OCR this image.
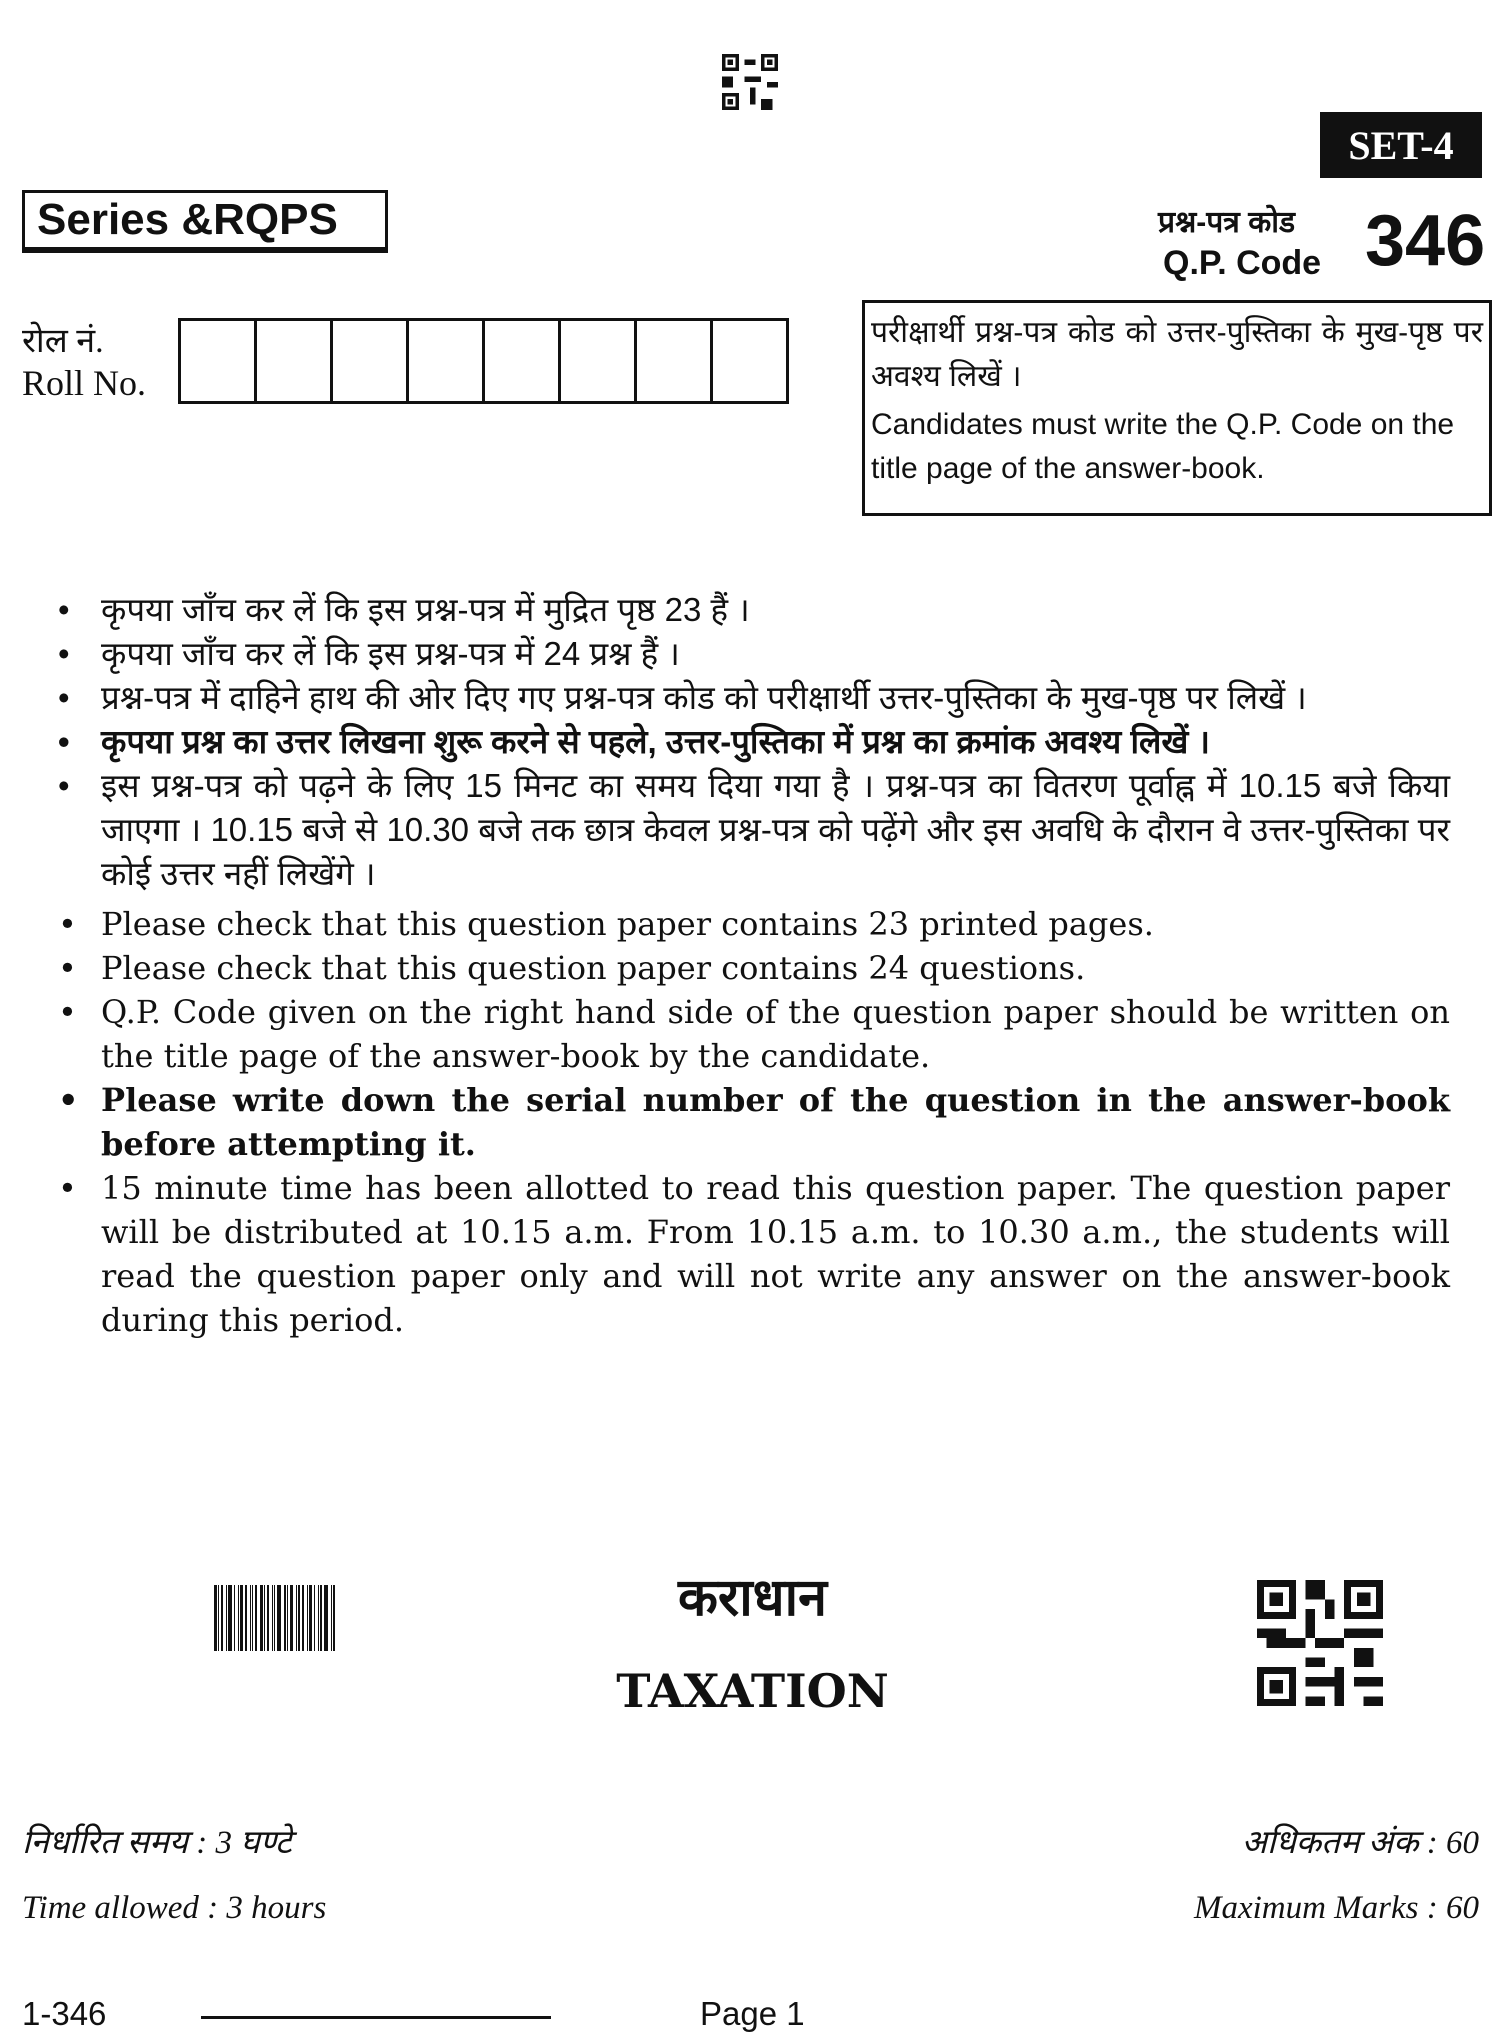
SET-4
Series &RQPS	प्रश्न-पत्र कोड
Q.P. Code 346
रोल नं.
Roll No.

परीक्षार्थी प्रश्न-पत्र कोड को उत्तर-पुस्तिका के मुख-पृष्ठ पर अवश्य लिखें ।

Candidates must write the Q.P. Code on the title page of the answer-book.

• कृपया जाँच कर लें कि इस प्रश्न-पत्र में मुद्रित पृष्ठ 23 हैं ।
• कृपया जाँच कर लें कि इस प्रश्न-पत्र में 24 प्रश्न हैं ।
• प्रश्न-पत्र में दाहिने हाथ की ओर दिए गए प्रश्न-पत्र कोड को परीक्षार्थी उत्तर-पुस्तिका के मुख-पृष्ठ पर लिखें ।
• कृपया प्रश्न का उत्तर लिखना शुरू करने से पहले, उत्तर-पुस्तिका में प्रश्न का क्रमांक अवश्य लिखें ।
• इस प्रश्न-पत्र को पढ़ने के लिए 15 मिनट का समय दिया गया है । प्रश्न-पत्र का वितरण पूर्वाह्न में 10.15 बजे किया जाएगा । 10.15 बजे से 10.30 बजे तक छात्र केवल प्रश्न-पत्र को पढ़ेंगे और इस अवधि के दौरान वे उत्तर-पुस्तिका पर कोई उत्तर नहीं लिखेंगे ।
• Please check that this question paper contains 23 printed pages.
• Please check that this question paper contains 24 questions.
• Q.P. Code given on the right hand side of the question paper should be written on the title page of the answer-book by the candidate.
• Please write down the serial number of the question in the answer-book before attempting it.
• 15 minute time has been allotted to read this question paper. The question paper will be distributed at 10.15 a.m. From 10.15 a.m. to 10.30 a.m., the students will read the question paper only and will not write any answer on the answer-book during this period.
कराधान
TAXATION
निर्धारित समय : 3 घण्टे
Time allowed : 3 hours
अधिकतम अंक : 60
Maximum Marks : 60
1-346	Page 1
